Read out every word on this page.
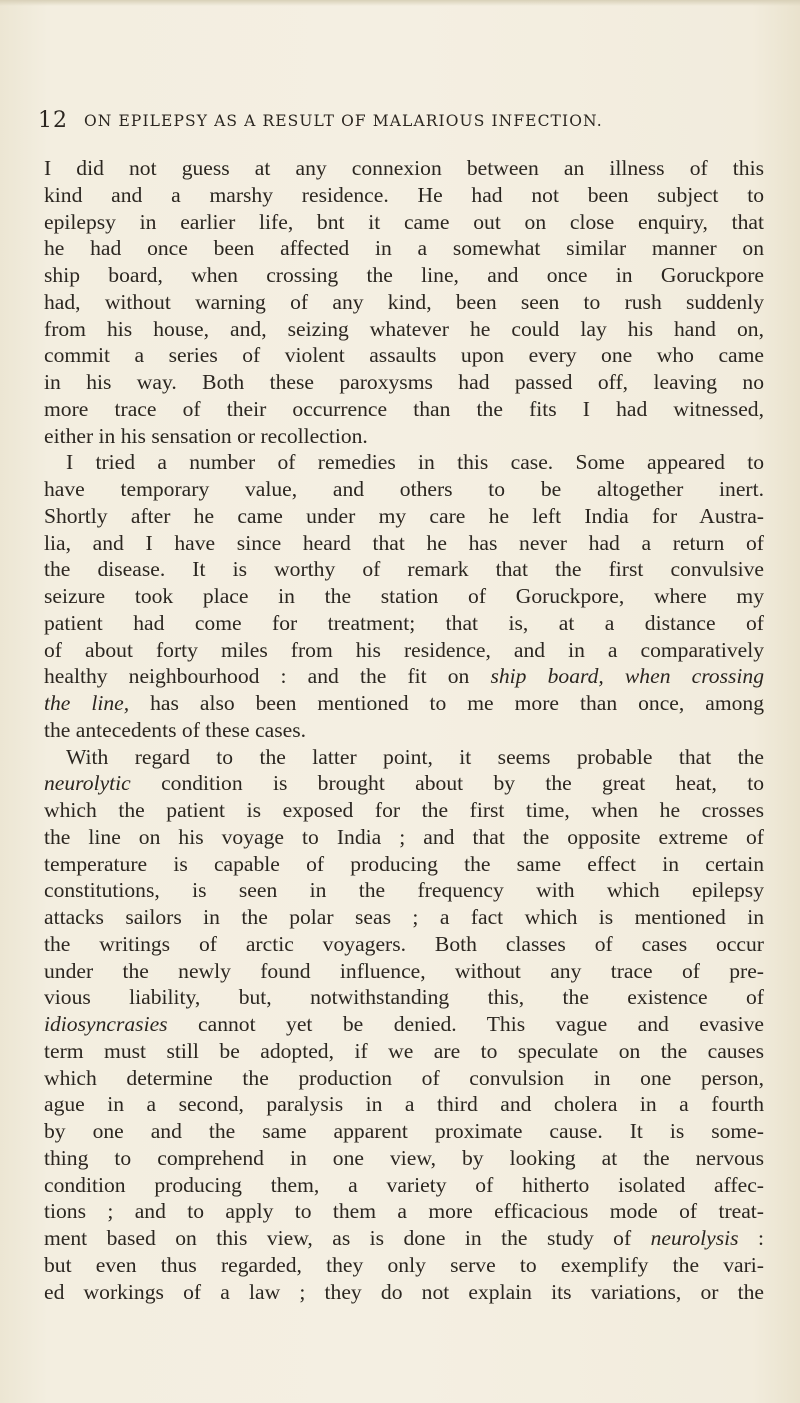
12 ON EPILEPSY AS A RESULT OF MALARIOUS INFECTION.
I did not guess at any connexion between an illness of this
kind and a marshy residence. He had not been subject to
epilepsy in earlier life, bnt it came out on close enquiry, that
he had once been affected in a somewhat similar manner on
ship board, when crossing the line, and once in Goruckpore
had, without warning of any kind, been seen to rush suddenly
from his house, and, seizing whatever he could lay his hand on,
commit a series of violent assaults upon every one who came
in his way. Both these paroxysms had passed off, leaving no
more trace of their occurrence than the fits I had witnessed,
either in his sensation or recollection.
I tried a number of remedies in this case. Some appeared to
have temporary value, and others to be altogether inert.
Shortly after he came under my care he left India for Austra-
lia, and I have since heard that he has never had a return of
the disease. It is worthy of remark that the first convulsive
seizure took place in the station of Goruckpore, where my
patient had come for treatment; that is, at a distance of
of about forty miles from his residence, and in a comparatively
healthy neighbourhood : and the fit on ship board, when crossing
the line, has also been mentioned to me more than once, among
the antecedents of these cases.
With regard to the latter point, it seems probable that the
neurolytic condition is brought about by the great heat, to
which the patient is exposed for the first time, when he crosses
the line on his voyage to India ; and that the opposite extreme of
temperature is capable of producing the same effect in certain
constitutions, is seen in the frequency with which epilepsy
attacks sailors in the polar seas ; a fact which is mentioned in
the writings of arctic voyagers. Both classes of cases occur
under the newly found influence, without any trace of pre-
vious liability, but, notwithstanding this, the existence of
idiosyncrasies cannot yet be denied. This vague and evasive
term must still be adopted, if we are to speculate on the causes
which determine the production of convulsion in one person,
ague in a second, paralysis in a third and cholera in a fourth
by one and the same apparent proximate cause. It is some-
thing to comprehend in one view, by looking at the nervous
condition producing them, a variety of hitherto isolated affec-
tions ; and to apply to them a more efficacious mode of treat-
ment based on this view, as is done in the study of neurolysis :
but even thus regarded, they only serve to exemplify the vari-
ed workings of a law ; they do not explain its variations, or the
